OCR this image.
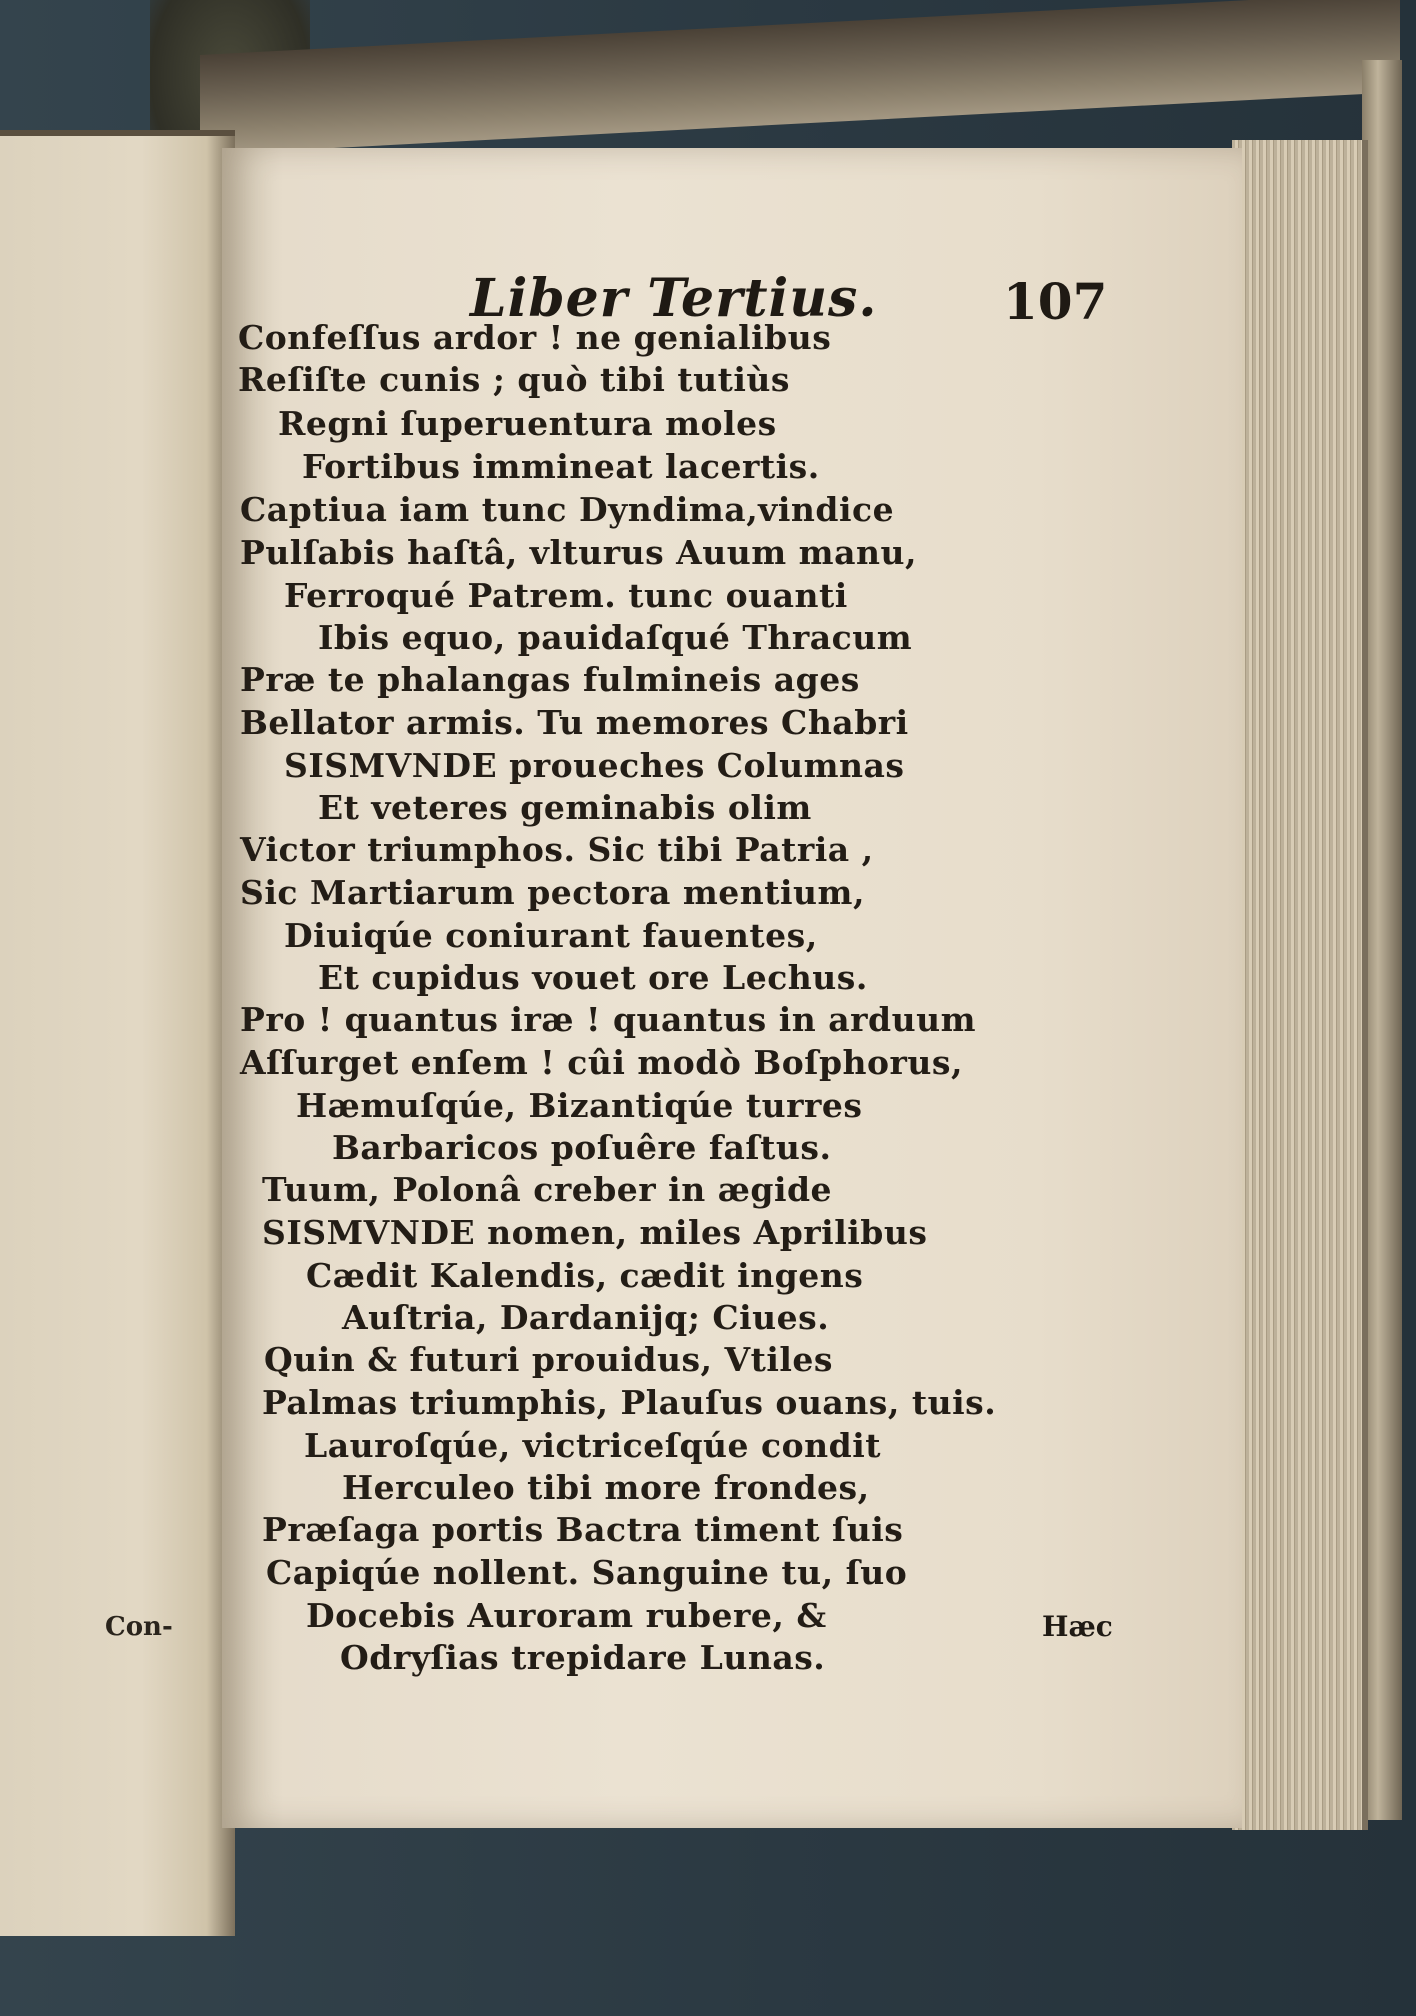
Con-
Liber Tertius.	107
Confeſſus ardor ! ne genialibus
Reſiſte cunis ; quò tibi tutiùs
Regni ſuperuentura moles
Fortibus immineat lacertis.
Captiua iam tunc Dyndima,vindice
Pulſabis haſtâ, vlturus Auum manu,
Ferroqué Patrem. tunc ouanti
Ibis equo, pauidaſqué Thracum
Præ te phalangas fulmineis ages
Bellator armis. Tu memores Chabri
SISMVNDE proueches Columnas
Et veteres geminabis olim
Victor triumphos. Sic tibi Patria ,
Sic Martiarum pectora mentium,
Diuiqúe coniurant fauentes,
Et cupidus vouet ore Lechus.
Pro ! quantus iræ ! quantus in arduum
Aſſurget enſem ! cûi modò Boſphorus,
Hæmuſqúe, Bizantiqúe turres
Barbaricos poſuêre faſtus.
Tuum, Polonâ creber in ægide
SISMVNDE nomen, miles Aprilibus
Cædit Kalendis, cædit ingens
Auſtria, Dardanijq; Ciues.
Quin & futuri prouidus, Vtiles
Palmas triumphis, Plauſus ouans, tuis.
Lauroſqúe, victriceſqúe condit
Herculeo tibi more frondes,
Præſaga portis Bactra timent ſuis
Capiqúe nollent. Sanguine tu, ſuo
Docebis Auroram rubere, &
Odryſias trepidare Lunas.
Hæc
